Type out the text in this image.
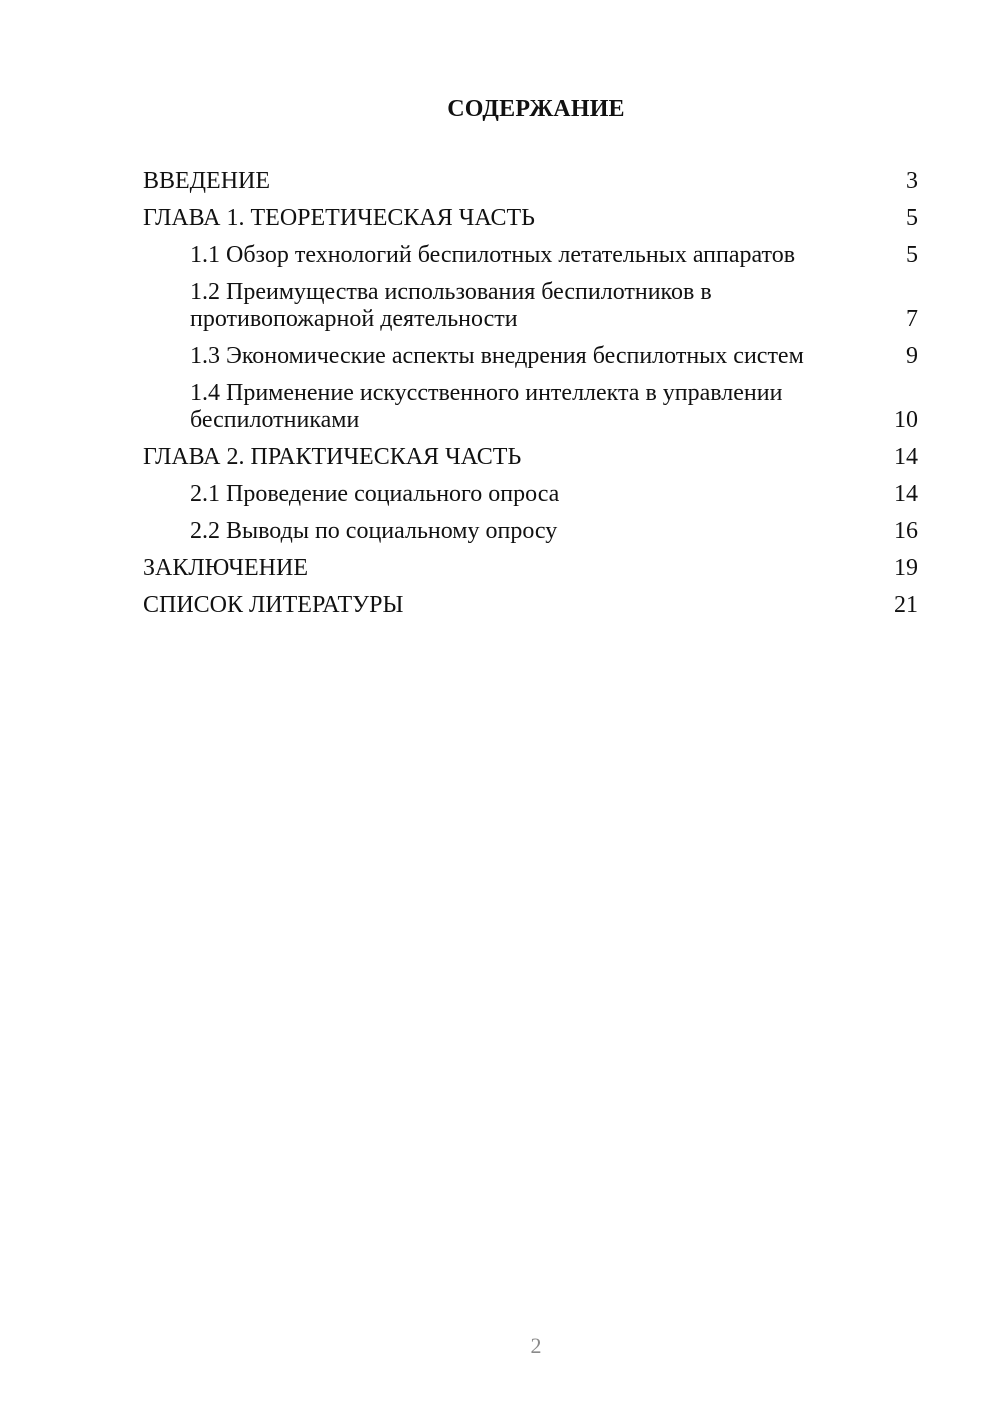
СОДЕРЖАНИЕ
ВВЕДЕНИЕ	3
ГЛАВА 1. ТЕОРЕТИЧЕСКАЯ ЧАСТЬ	5
1.1 Обзор технологий беспилотных летательных аппаратов	5
1.2 Преимущества использования беспилотников в противопожарной деятельности	7
1.3 Экономические аспекты внедрения беспилотных систем	9
1.4 Применение искусственного интеллекта в управлении беспилотниками	10
ГЛАВА 2. ПРАКТИЧЕСКАЯ ЧАСТЬ	14
2.1 Проведение социального опроса	14
2.2 Выводы по социальному опросу	16
ЗАКЛЮЧЕНИЕ	19
СПИСОК ЛИТЕРАТУРЫ	21

2
